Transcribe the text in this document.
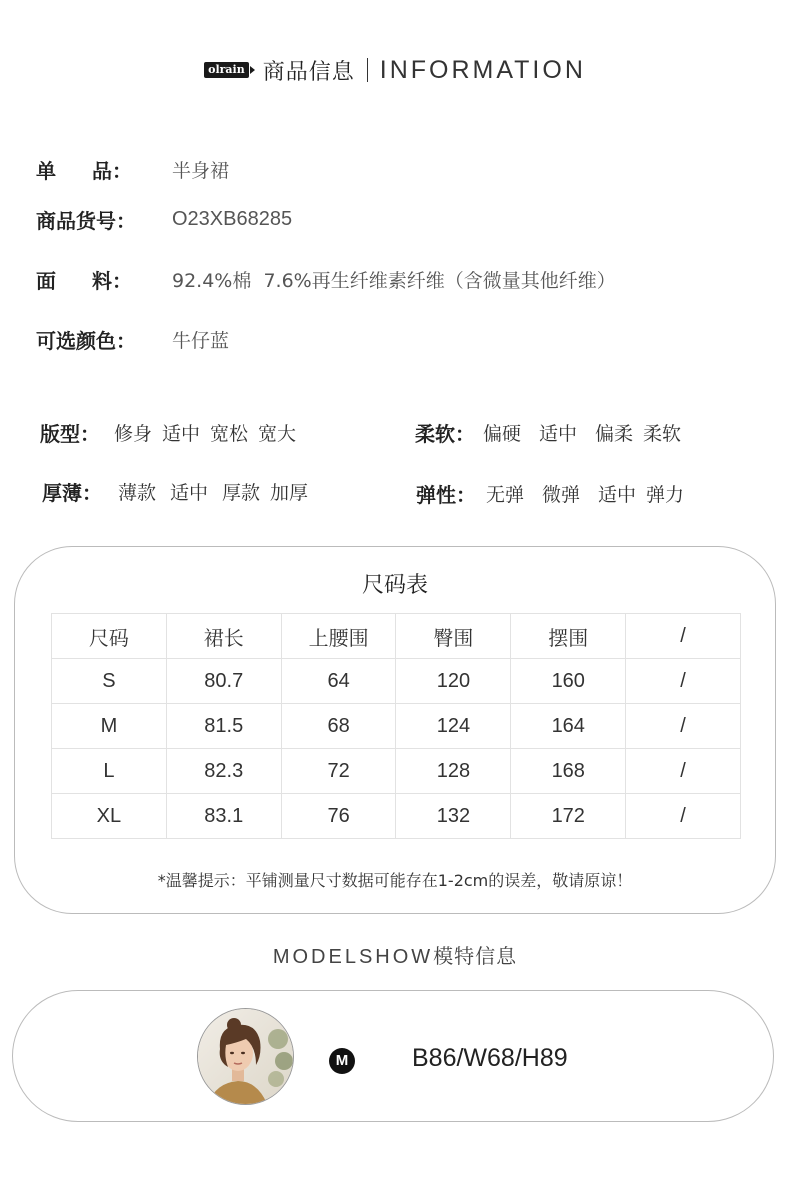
olrain 商品信息 INFORMATION
单 品： 半身裙
商品货号：	O23XB68285
面 料： 92.4%棉  7.6%再生纤维素纤维（含微量其他纤维）
可选颜色：	牛仔蓝
版型： 修身 适中 宽松 宽大	柔软： 偏硬 适中 偏柔 柔软
厚薄： 薄款 适中 厚款 加厚	弹性： 无弹 微弹 适中 弹力
尺码表
尺码	裙长	上腰围	臀围	摆围	/
S	80.7	64	120	160	/
M	81.5	68	124	164	/
L	82.3	72	128	168	/
XL	83.1	76	132	172	/
*温馨提示：平铺测量尺寸数据可能存在1-2cm的误差，敬请原谅！
MODELSHOW模特信息
M	B86/W68/H89
